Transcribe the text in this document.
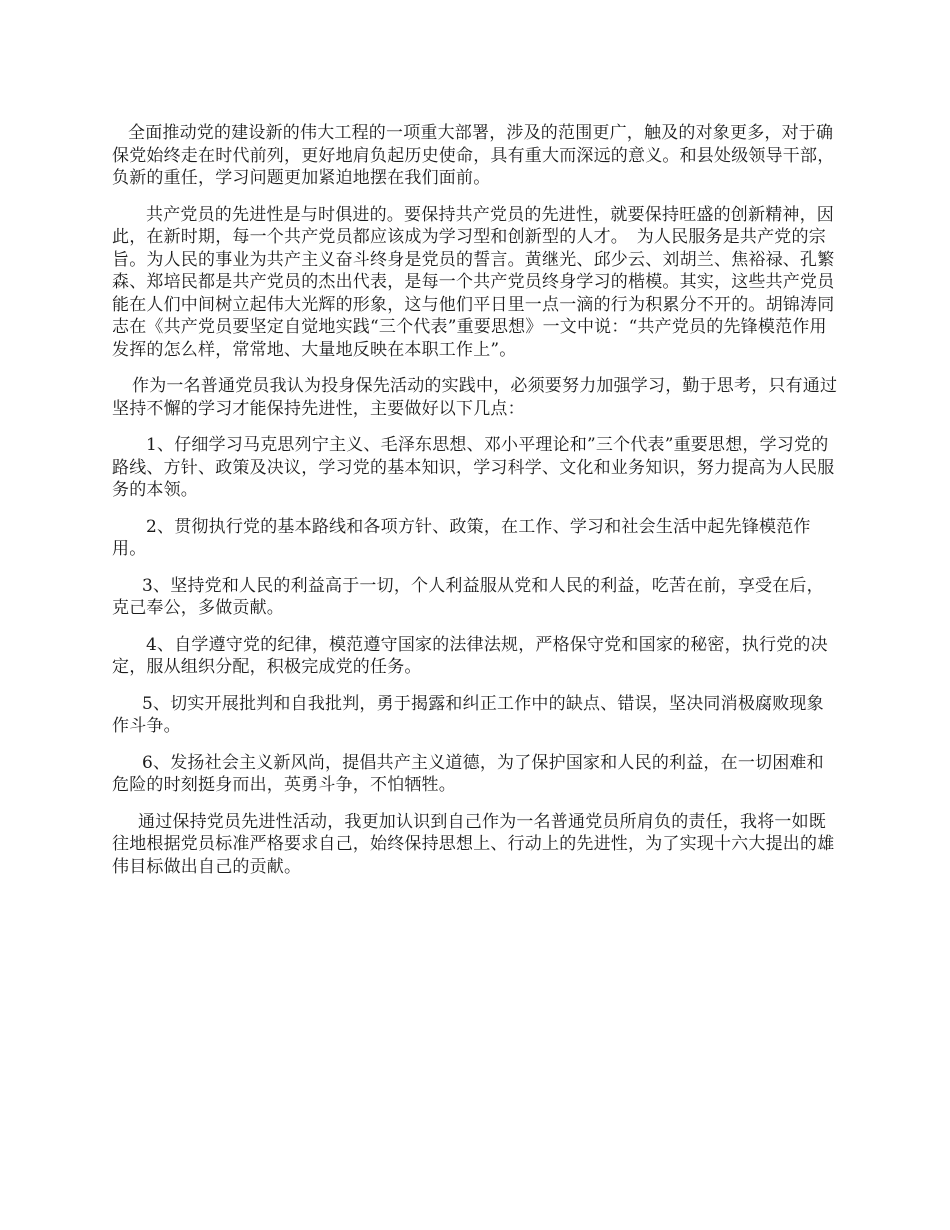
全面推动党的建设新的伟大工程的一项重大部署，涉及的范围更广，触及的对象更多，对于确保党始终走在时代前列，更好地肩负起历史使命，具有重大而深远的意义。和县处级领导干部，负新的重任，学习问题更加紧迫地摆在我们面前。

共产党员的先进性是与时俱进的。要保持共产党员的先进性，就要保持旺盛的创新精神，因此，在新时期，每一个共产党员都应该成为学习型和创新型的人才。　为人民服务是共产党的宗旨。为人民的事业为共产主义奋斗终身是党员的誓言。黄继光、邱少云、刘胡兰、焦裕禄、孔繁森、郑培民都是共产党员的杰出代表，是每一个共产党员终身学习的楷模。其实，这些共产党员能在人们中间树立起伟大光辉的形象，这与他们平日里一点一滴的行为积累分不开的。胡锦涛同志在《共产党员要坚定自觉地实践“三个代表”重要思想》一文中说：“共产党员的先锋模范作用发挥的怎么样，常常地、大量地反映在本职工作上”。

作为一名普通党员我认为投身保先活动的实践中，必须要努力加强学习，勤于思考，只有通过坚持不懈的学习才能保持先进性，主要做好以下几点：

1、仔细学习马克思列宁主义、毛泽东思想、邓小平理论和”三个代表”重要思想，学习党的路线、方针、政策及决议，学习党的基本知识，学习科学、文化和业务知识，努力提高为人民服务的本领。

2、贯彻执行党的基本路线和各项方针、政策，在工作、学习和社会生活中起先锋模范作用。

3、坚持党和人民的利益高于一切，个人利益服从党和人民的利益，吃苦在前，享受在后，克己奉公，多做贡献。

4、自学遵守党的纪律，模范遵守国家的法律法规，严格保守党和国家的秘密，执行党的决定，服从组织分配，积极完成党的任务。

5、切实开展批判和自我批判，勇于揭露和纠正工作中的缺点、错误，坚决同消极腐败现象作斗争。

6、发扬社会主义新风尚，提倡共产主义道德，为了保护国家和人民的利益，在一切困难和危险的时刻挺身而出，英勇斗争，不怕牺牲。

通过保持党员先进性活动，我更加认识到自己作为一名普通党员所肩负的责任，我将一如既往地根据党员标准严格要求自己，始终保持思想上、行动上的先进性，为了实现十六大提出的雄伟目标做出自己的贡献。
